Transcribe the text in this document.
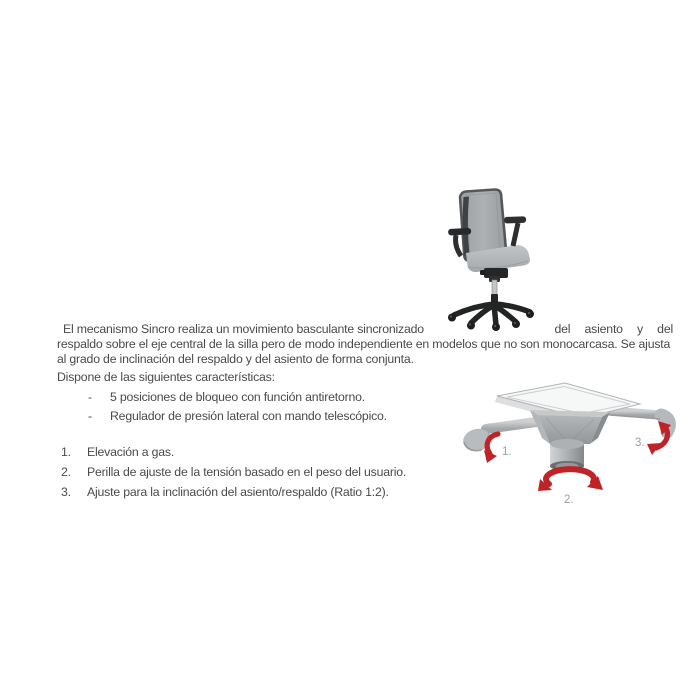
El mecanismo Sincro realiza un movimiento basculante sincronizado	del asiento y del
respaldo sobre el eje central de la silla pero de modo independiente en modelos que no son monocarcasa. Se ajusta
al grado de inclinación del respaldo y del asiento de forma conjunta.
Dispone de las siguientes características:
-	5 posiciones de bloqueo con función antiretorno.
-	Regulador de presión lateral con mando telescópico.
1.	Elevación a gas.
2.	Perilla de ajuste de la tensión basado en el peso del usuario.
3.	Ajuste para la inclinación del asiento/respaldo (Ratio 1:2).
1.
2.
3.
